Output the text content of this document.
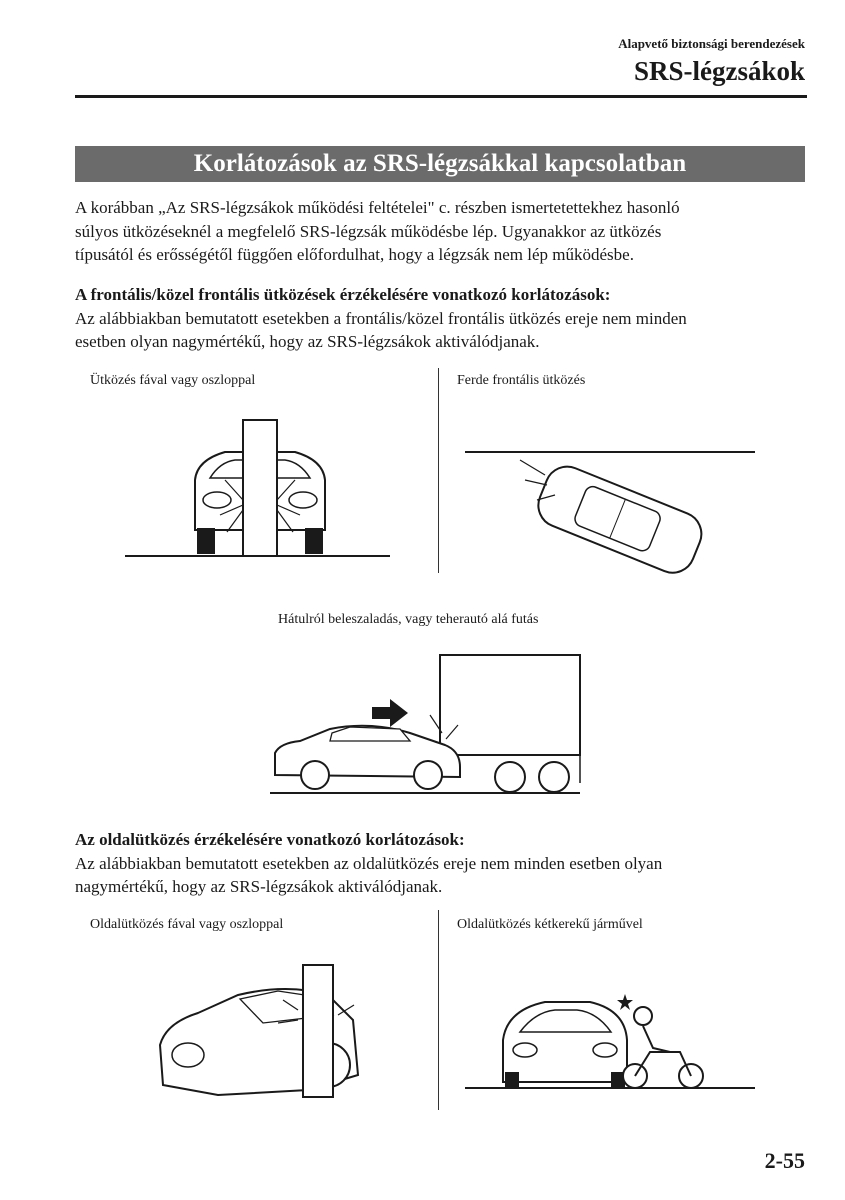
Alapvető biztonsági berendezések
SRS-légzsákok
Korlátozások az SRS-légzsákkal kapcsolatban
A korábban „Az SRS-légzsákok működési feltételei" c. részben ismertetettekhez hasonló
súlyos ütközéseknél a megfelelő SRS-légzsák működésbe lép. Ugyanakkor az ütközés
típusától és erősségétől függően előfordulhat, hogy a légzsák nem lép működésbe.
A frontális/közel frontális ütközések érzékelésére vonatkozó korlátozások:
Az alábbiakban bemutatott esetekben a frontális/közel frontális ütközés ereje nem minden
esetben olyan nagymértékű, hogy az SRS-légzsákok aktiválódjanak.
Ütközés fával vagy oszloppal	Ferde frontális ütközés
Hátulról beleszaladás, vagy teherautó alá futás
Az oldalütközés érzékelésére vonatkozó korlátozások:
Az alábbiakban bemutatott esetekben az oldalütközés ereje nem minden esetben olyan
nagymértékű, hogy az SRS-légzsákok aktiválódjanak.
Oldalütközés fával vagy oszloppal	Oldalütközés kétkerekű járművel
2-55
